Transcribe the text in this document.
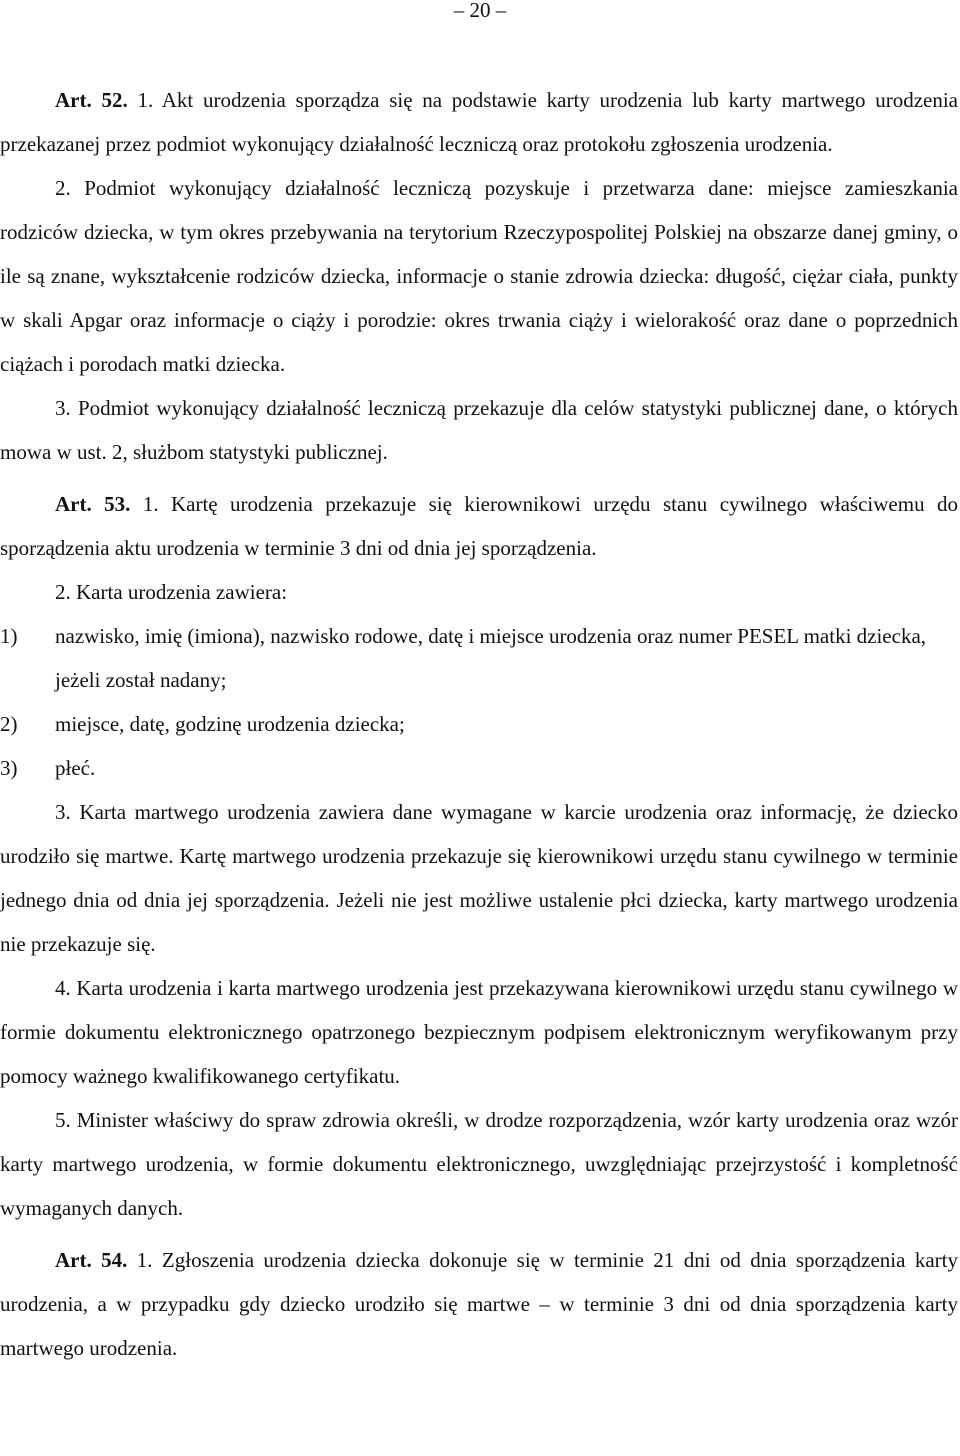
– 20 –

Art. 52. 1. Akt urodzenia sporządza się na podstawie karty urodzenia lub karty martwego urodzenia przekazanej przez podmiot wykonujący działalność leczniczą oraz protokołu zgłoszenia urodzenia.

2. Podmiot wykonujący działalność leczniczą pozyskuje i przetwarza dane: miejsce zamieszkania rodziców dziecka, w tym okres przebywania na terytorium Rzeczypospolitej Polskiej na obszarze danej gminy, o ile są znane, wykształcenie rodziców dziecka, informacje o stanie zdrowia dziecka: długość, ciężar ciała, punkty w skali Apgar oraz informacje o ciąży i porodzie: okres trwania ciąży i wielorakość oraz dane o poprzednich ciążach i porodach matki dziecka.

3. Podmiot wykonujący działalność leczniczą przekazuje dla celów statystyki publicznej dane, o których mowa w ust. 2, służbom statystyki publicznej.

Art. 53. 1. Kartę urodzenia przekazuje się kierownikowi urzędu stanu cywilnego właściwemu do sporządzenia aktu urodzenia w terminie 3 dni od dnia jej sporządzenia.

2. Karta urodzenia zawiera:

1)	nazwisko, imię (imiona), nazwisko rodowe, datę i miejsce urodzenia oraz numer PESEL matki dziecka, jeżeli został nadany;
2)	miejsce, datę, godzinę urodzenia dziecka;
3)	płeć.

3. Karta martwego urodzenia zawiera dane wymagane w karcie urodzenia oraz informację, że dziecko urodziło się martwe. Kartę martwego urodzenia przekazuje się kierownikowi urzędu stanu cywilnego w terminie jednego dnia od dnia jej sporządzenia. Jeżeli nie jest możliwe ustalenie płci dziecka, karty martwego urodzenia nie przekazuje się.

4. Karta urodzenia i karta martwego urodzenia jest przekazywana kierownikowi urzędu stanu cywilnego w formie dokumentu elektronicznego opatrzonego bezpiecznym podpisem elektronicznym weryfikowanym przy pomocy ważnego kwalifikowanego certyfikatu.

5. Minister właściwy do spraw zdrowia określi, w drodze rozporządzenia, wzór karty urodzenia oraz wzór karty martwego urodzenia, w formie dokumentu elektronicznego, uwzględniając przejrzystość i kompletność wymaganych danych.

Art. 54. 1. Zgłoszenia urodzenia dziecka dokonuje się w terminie 21 dni od dnia sporządzenia karty urodzenia, a w przypadku gdy dziecko urodziło się martwe – w terminie 3 dni od dnia sporządzenia karty martwego urodzenia.
